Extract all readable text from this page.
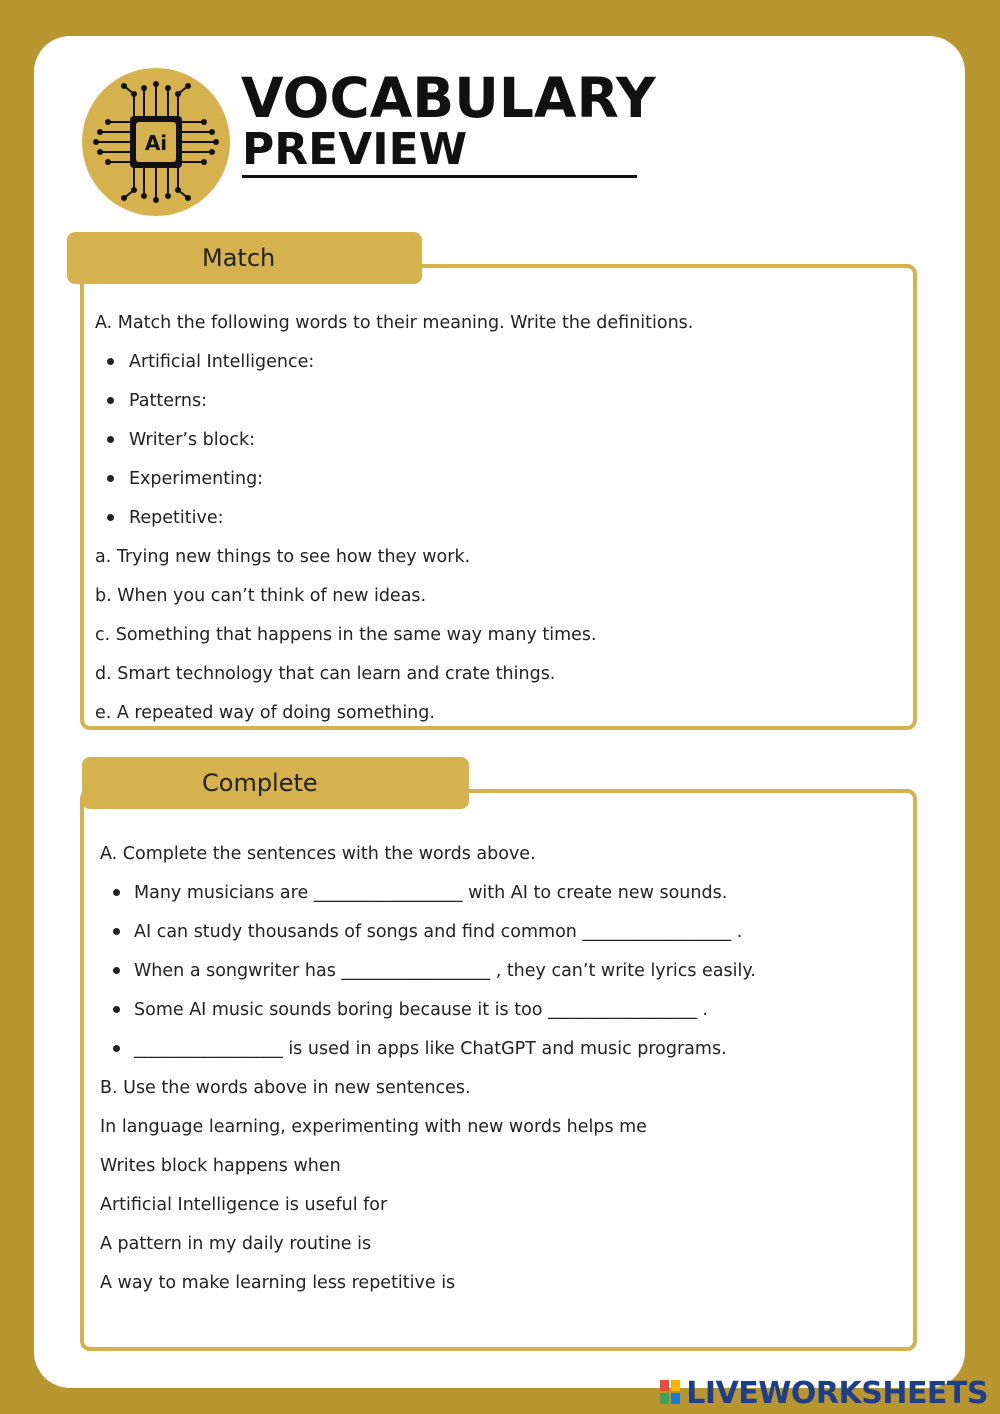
Ai
VOCABULARY
PREVIEW
Match
A. Match the following words to their meaning. Write the definitions.
Artificial Intelligence:
Patterns:
Writer’s block:
Experimenting:
Repetitive:
a. Trying new things to see how they work.
b. When you can’t think of new ideas.
c. Something that happens in the same way many times.
d. Smart technology that can learn and crate things.
e. A repeated way of doing something.
Complete
A. Complete the sentences with the words above.
Many musicians are _________________ with AI to create new sounds.
AI can study thousands of songs and find common _________________ .
When a songwriter has _________________ , they can’t write lyrics easily.
Some AI music sounds boring because it is too _________________ .
_________________ is used in apps like ChatGPT and music programs.
B. Use the words above in new sentences.
In language learning, experimenting with new words helps me
Writes block happens when
Artificial Intelligence is useful for
A pattern in my daily routine is
A way to make learning less repetitive is
LIVEWORKSHEETS
